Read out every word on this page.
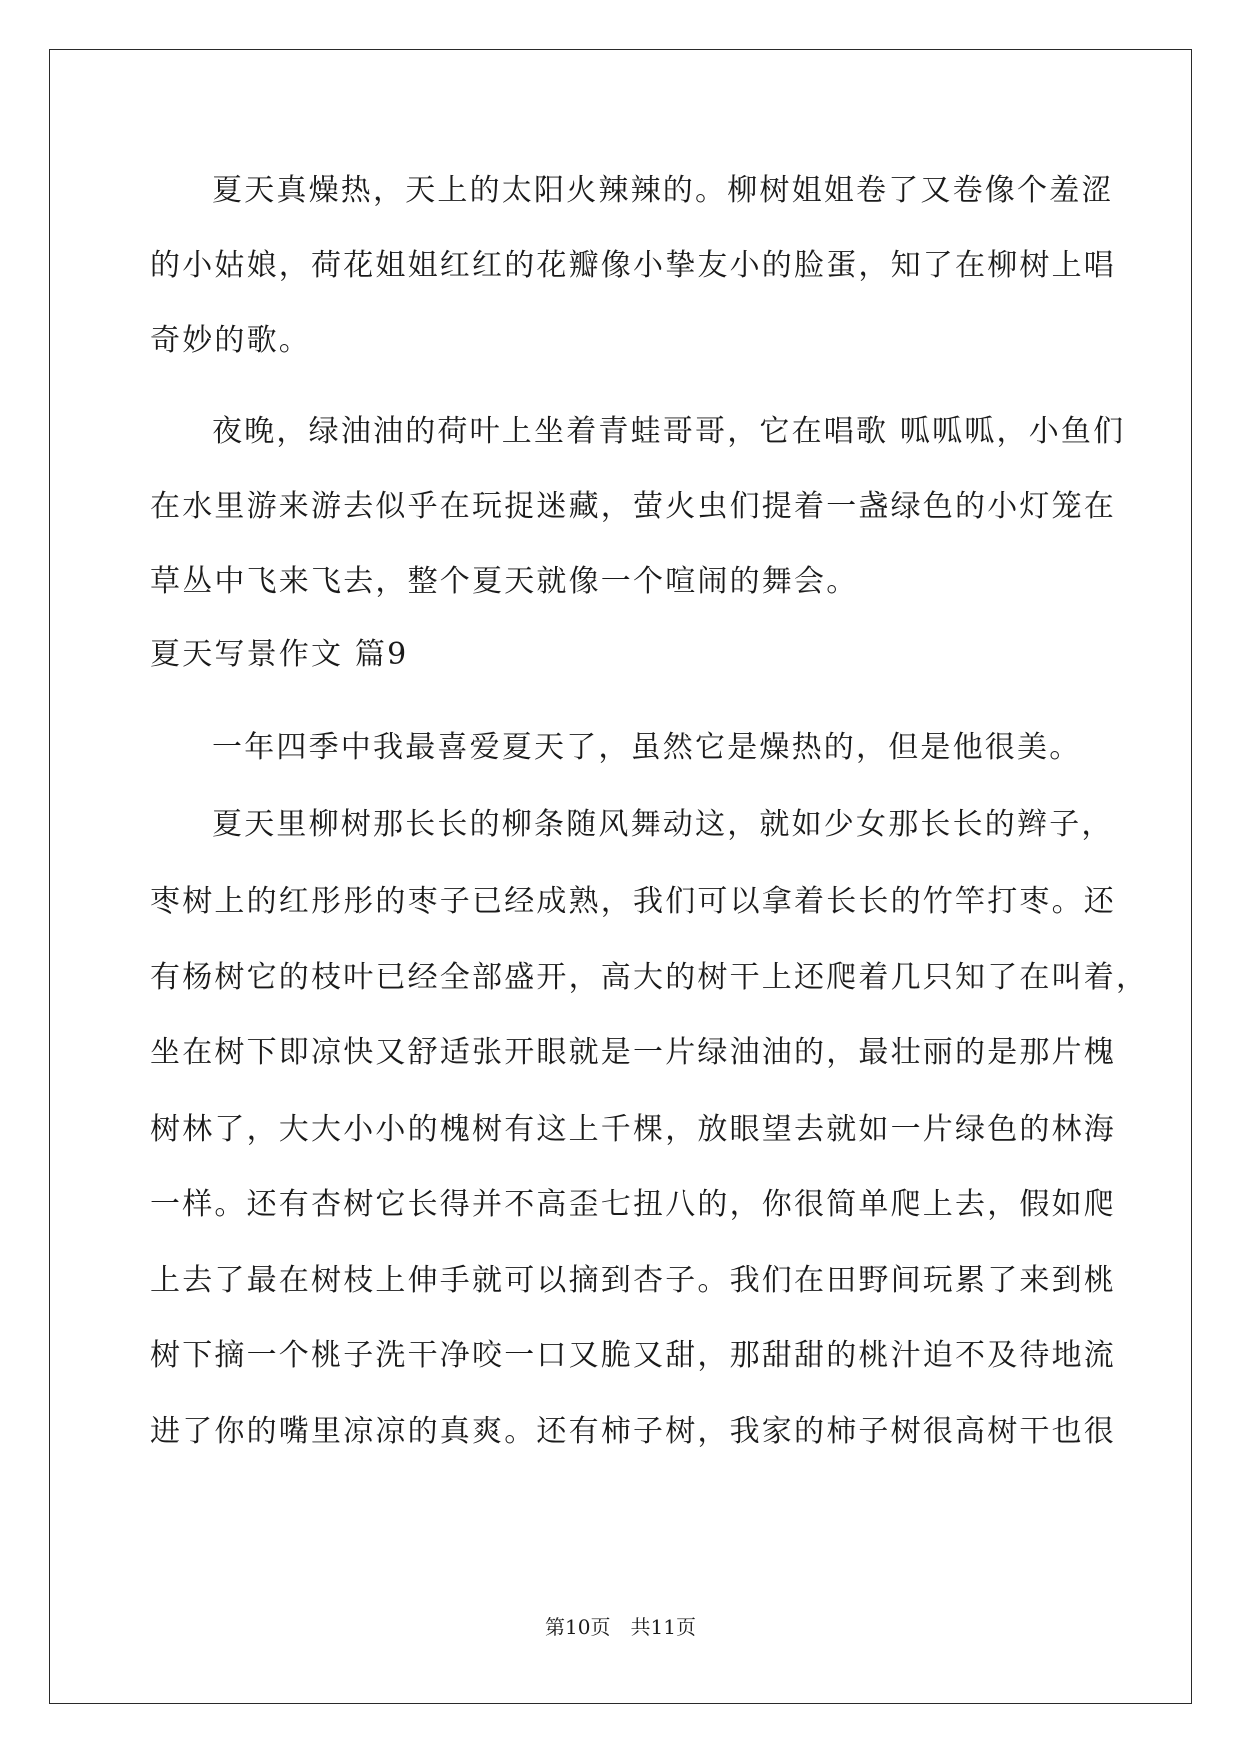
夏天真燥热，天上的太阳火辣辣的。柳树姐姐卷了又卷像个羞涩
的小姑娘，荷花姐姐红红的花瓣像小挚友小的脸蛋，知了在柳树上唱
奇妙的歌。
夜晚，绿油油的荷叶上坐着青蛙哥哥，它在唱歌 呱呱呱，小鱼们
在水里游来游去似乎在玩捉迷藏，萤火虫们提着一盏绿色的小灯笼在
草丛中飞来飞去，整个夏天就像一个喧闹的舞会。
夏天写景作文 篇9
一年四季中我最喜爱夏天了，虽然它是燥热的，但是他很美。
夏天里柳树那长长的柳条随风舞动这，就如少女那长长的辫子，
枣树上的红彤彤的枣子已经成熟，我们可以拿着长长的竹竿打枣。还
有杨树它的枝叶已经全部盛开，高大的树干上还爬着几只知了在叫着，
坐在树下即凉快又舒适张开眼就是一片绿油油的，最壮丽的是那片槐
树林了，大大小小的槐树有这上千棵，放眼望去就如一片绿色的林海
一样。还有杏树它长得并不高歪七扭八的，你很简单爬上去，假如爬
上去了最在树枝上伸手就可以摘到杏子。我们在田野间玩累了来到桃
树下摘一个桃子洗干净咬一口又脆又甜，那甜甜的桃汁迫不及待地流
进了你的嘴里凉凉的真爽。还有柿子树，我家的柿子树很高树干也很
第10页　共11页
